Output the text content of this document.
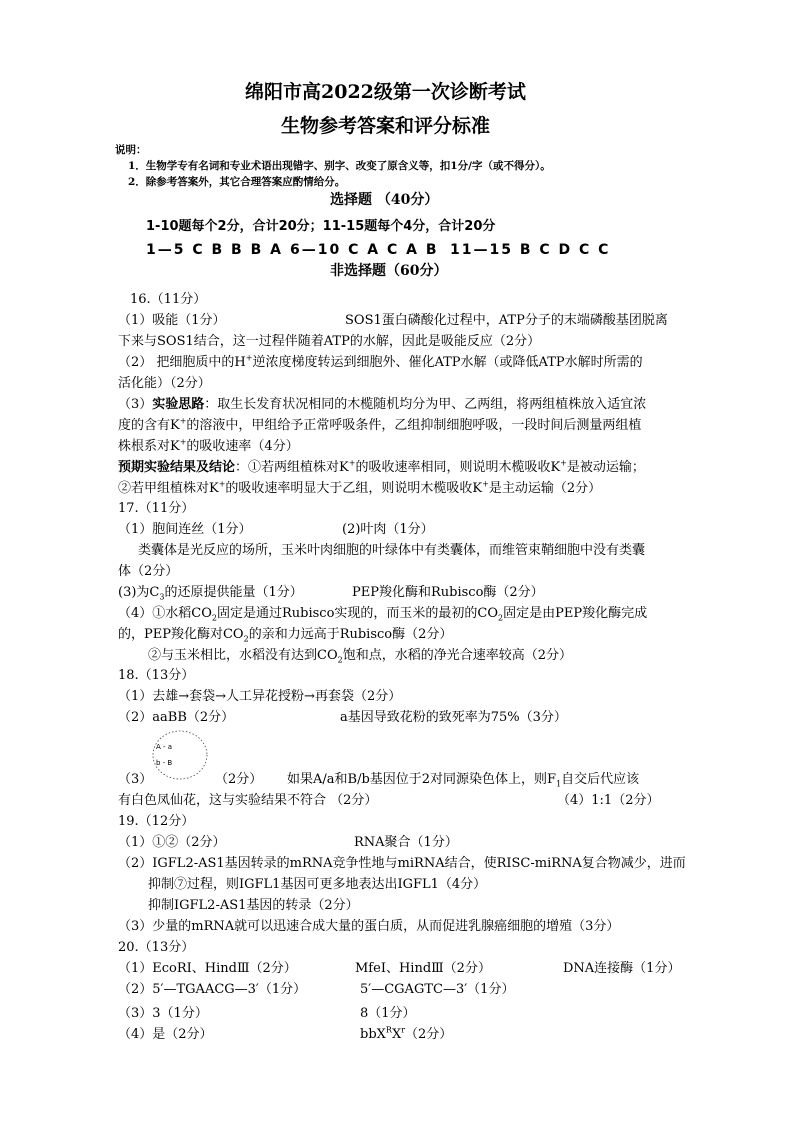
绵阳市高2022级第一次诊断考试
生物参考答案和评分标准
说明：
1．生物学专有名词和专业术语出现错字、别字、改变了原含义等，扣1分/字（或不得分）。
2．除参考答案外，其它合理答案应酌情给分。
选择题 （40分）
1-10题每个2分，合计20分；11-15题每个4分，合计20分
1—5 C B B B A 6—10 C A C A B 11—15 B C D C C
非选择题（60分）
16.（11分）
（1）吸能（1分）	SOS1蛋白磷酸化过程中，ATP分子的末端磷酸基团脱离
下来与SOS1结合，这一过程伴随着ATP的水解，因此是吸能反应（2分）
（2） 把细胞质中的H+逆浓度梯度转运到细胞外、催化ATP水解（或降低ATP水解时所需的
活化能）（2分）
（3）实验思路：取生长发育状况相同的木榄随机均分为甲、乙两组，将两组植株放入适宜浓
度的含有K+的溶液中，甲组给予正常呼吸条件，乙组抑制细胞呼吸，一段时间后测量两组植
株根系对K+的吸收速率（4分）
预期实验结果及结论：①若两组植株对K+的吸收速率相同，则说明木榄吸收K+是被动运输；
②若甲组植株对K+的吸收速率明显大于乙组，则说明木榄吸收K+是主动运输（2分）
17.（11分）
（1）胞间连丝（1分）	(2)叶肉（1分）
类囊体是光反应的场所，玉米叶肉细胞的叶绿体中有类囊体，而维管束鞘细胞中没有类囊
体（2分）
(3)为$C_3$的还原提供能量（1分）	PEP羧化酶和Rubisco酶（2分）
（4）①水稻$CO_2$固定是通过Rubisco实现的，而玉米的最初的$CO_2$固定是由PEP羧化酶完成
的，PEP羧化酶对$CO_2$的亲和力远高于Rubisco酶（2分）
②与玉米相比，水稻没有达到$CO_2$饱和点，水稻的净光合速率较高（2分）
18.（13分）
（1）去雄→套袋→人工异花授粉→再套袋（2分）
（2）aaBB（2分）	a基因导致花粉的致死率为75%（3分）
A - a
b - B
（3）	（2分） 如果A/a和B/b基因位于2对同源染色体上，则$F_1$自交后代应该
有白色凤仙花，这与实验结果不符合 （2分）	（4）1:1（2分）
19.（12分）
（1）①②（2分）	RNA聚合（1分）
（2）IGFL2-AS1基因转录的mRNA竞争性地与miRNA结合，使RISC-miRNA复合物减少，进而
抑制⑦过程，则IGFL1基因可更多地表达出IGFL1（4分）
抑制IGFL2-AS1基因的转录（2分）
（3）少量的mRNA就可以迅速合成大量的蛋白质，从而促进乳腺癌细胞的增殖（3分）
20.（13分）
（1）EcoRI、HindⅢ（2分）	MfeI、HindⅢ（2分）	DNA连接酶（1分）
（2）5′—TGAACG—3′（1分）	5′—CGAGTC—3′（1分）
（3）3（1分）	8（1分）
（4）是（2分）	$bbX^RX^r(2$分）
